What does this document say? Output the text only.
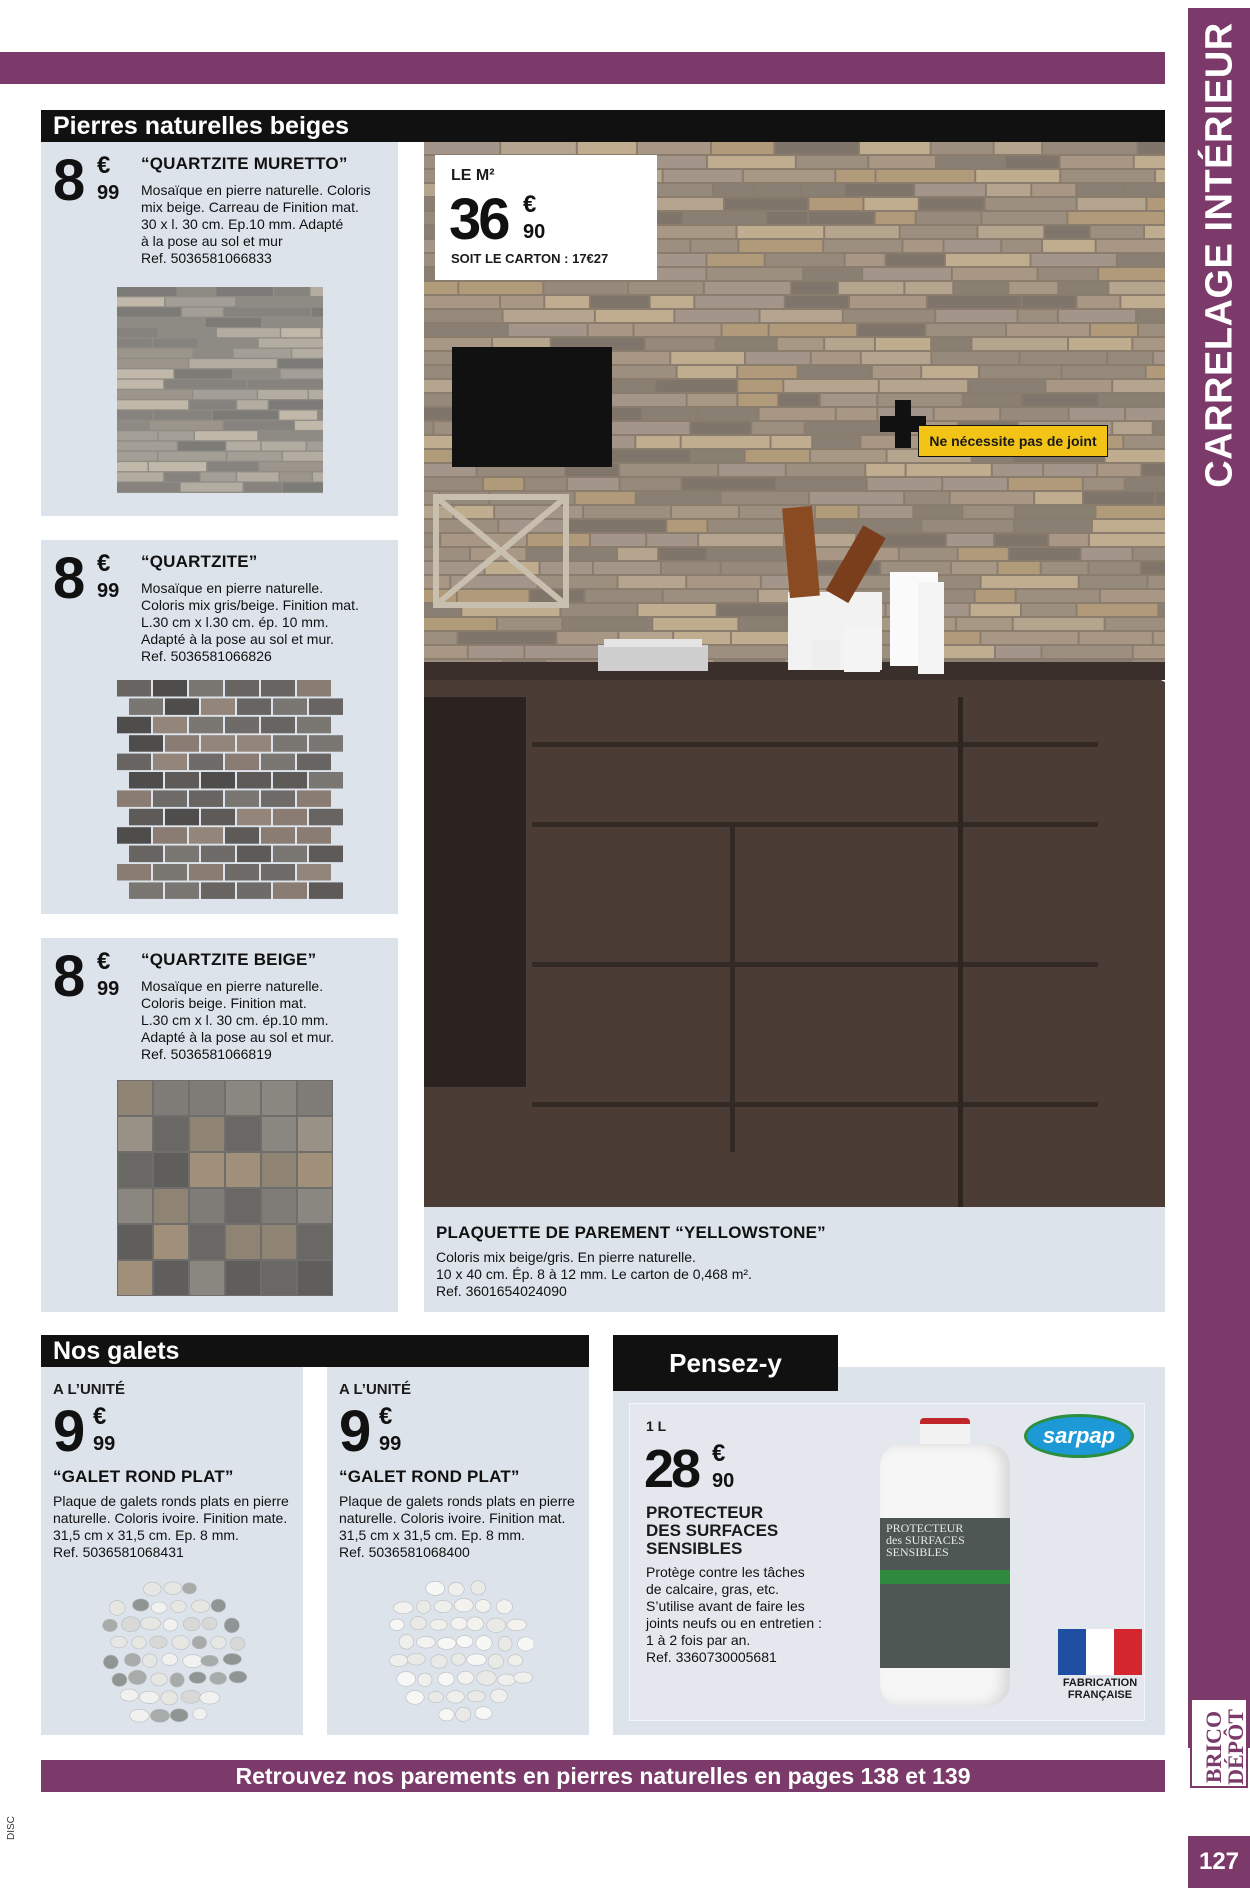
CARRELAGE INTÉRIEUR
BRICO
DÉPÔT
127
DISC
Pierres naturelles beiges
8 €
99
“QUARTZITE MURETTO”
Mosaïque en pierre naturelle. Coloris
mix beige. Carreau de Finition mat.
30 x l. 30 cm. Ep.10 mm. Adapté
à la pose au sol et mur
Ref. 5036581066833
8 €
99
“QUARTZITE”
Mosaïque en pierre naturelle.
Coloris mix gris/beige. Finition mat.
L.30 cm x l.30 cm. ép. 10 mm.
Adapté à la pose au sol et mur.
Ref. 5036581066826
8 €
99
“QUARTZITE BEIGE”
Mosaïque en pierre naturelle.
Coloris beige. Finition mat.
L.30 cm x l. 30 cm. ép.10 mm.
Adapté à la pose au sol et mur.
Ref. 5036581066819
LE M²
36 €
90
SOIT LE CARTON : 17€27
Ne nécessite pas de joint
PLAQUETTE DE PAREMENT “YELLOWSTONE”
Coloris mix beige/gris. En pierre naturelle.
10 x 40 cm. Ép. 8 à 12 mm. Le carton de 0,468 m².
Ref. 3601654024090
Nos galets
A L’UNITÉ
9 €
99
“GALET ROND PLAT”
Plaque de galets ronds plats en pierre
naturelle. Coloris ivoire. Finition mate.
31,5 cm x 31,5 cm. Ep. 8 mm.
Ref. 5036581068431
A L’UNITÉ
9 €
99
“GALET ROND PLAT”
Plaque de galets ronds plats en pierre
naturelle. Coloris ivoire. Finition mat.
31,5 cm x 31,5 cm. Ep. 8 mm.
Ref. 5036581068400
Pensez-y
1 L
28 €
90
PROTECTEUR
DES SURFACES
SENSIBLES
Protège contre les tâches
de calcaire, gras, etc.
S’utilise avant de faire les
joints neufs ou en entretien :
1 à 2 fois par an.
Ref. 3360730005681
PROTECTEUR
des SURFACES
SENSIBLES
sarpap
FABRICATION
FRANÇAISE
Retrouvez nos parements en pierres naturelles en pages 138 et 139
